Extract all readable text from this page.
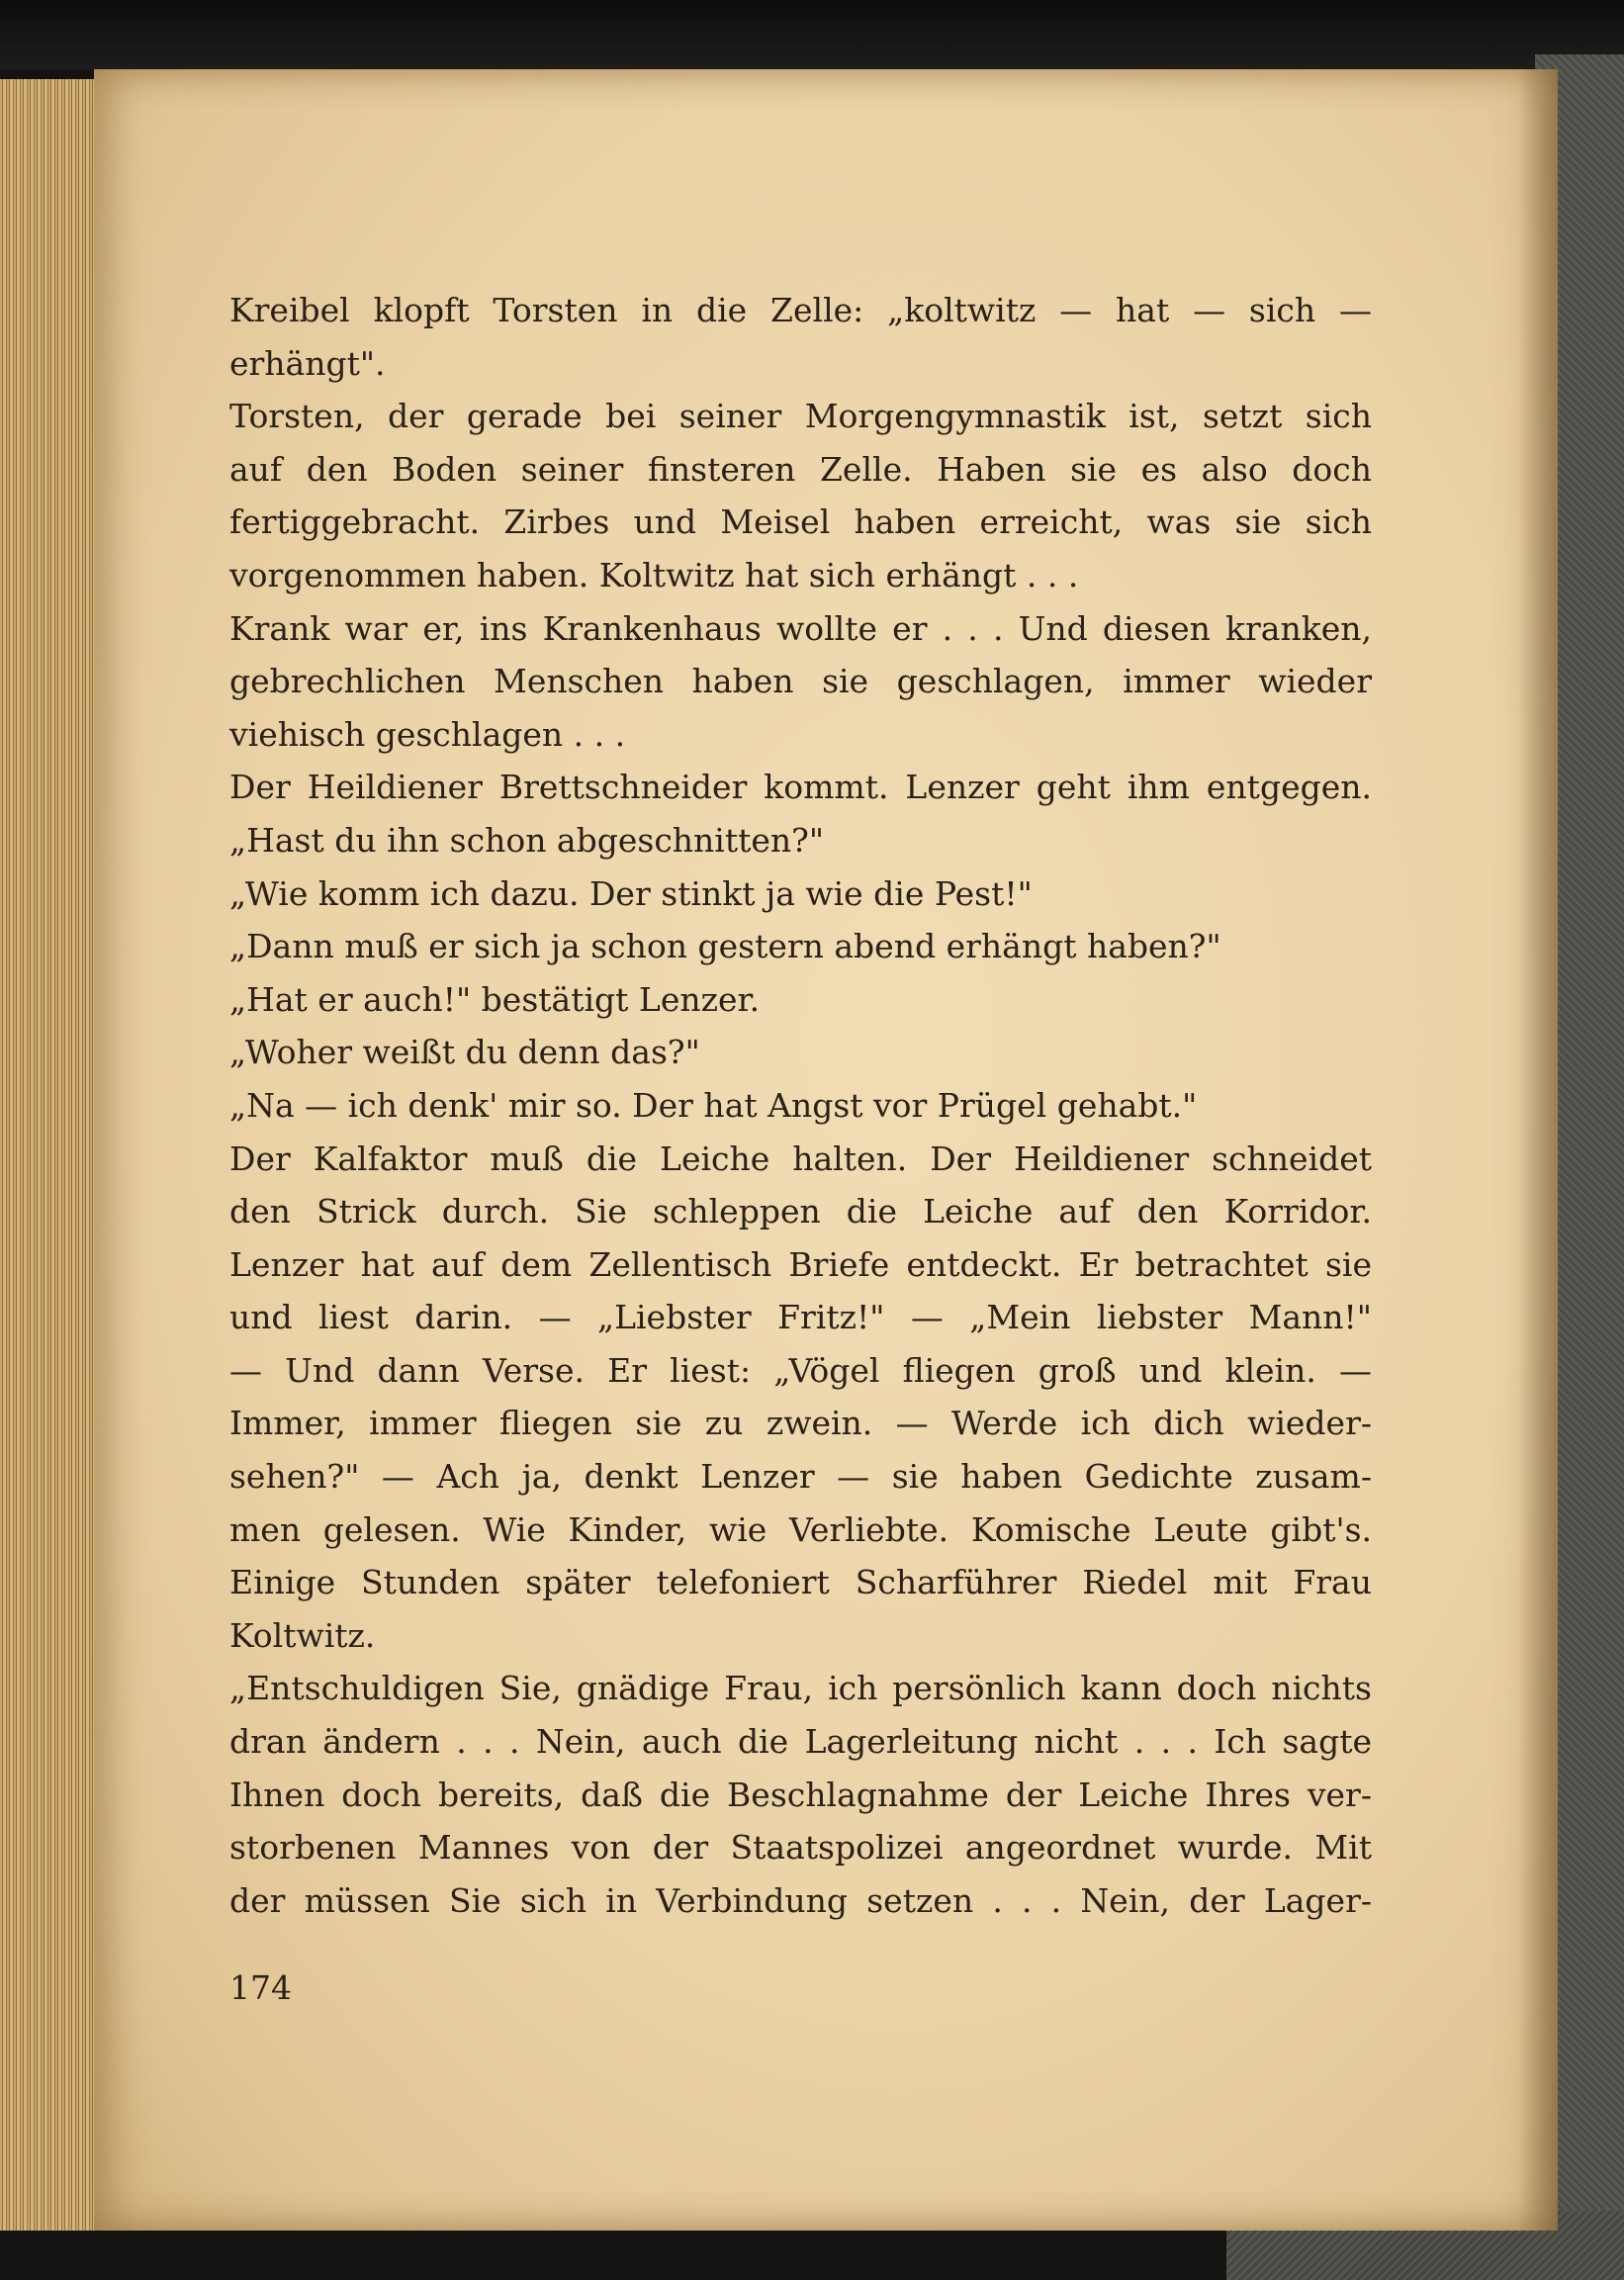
Kreibel klopft Torsten in die Zelle: „koltwitz — hat — sich —
erhängt".
Torsten, der gerade bei seiner Morgengymnastik ist, setzt sich
auf den Boden seiner finsteren Zelle. Haben sie es also doch
fertiggebracht. Zirbes und Meisel haben erreicht, was sie sich
vorgenommen haben. Koltwitz hat sich erhängt . . .
Krank war er, ins Krankenhaus wollte er . . . Und diesen kranken,
gebrechlichen Menschen haben sie geschlagen, immer wieder
viehisch geschlagen . . .
Der Heildiener Brettschneider kommt. Lenzer geht ihm entgegen.
„Hast du ihn schon abgeschnitten?"
„Wie komm ich dazu. Der stinkt ja wie die Pest!"
„Dann muß er sich ja schon gestern abend erhängt haben?"
„Hat er auch!" bestätigt Lenzer.
„Woher weißt du denn das?"
„Na — ich denk' mir so. Der hat Angst vor Prügel gehabt."
Der Kalfaktor muß die Leiche halten. Der Heildiener schneidet
den Strick durch. Sie schleppen die Leiche auf den Korridor.
Lenzer hat auf dem Zellentisch Briefe entdeckt. Er betrachtet sie
und liest darin. — „Liebster Fritz!" — „Mein liebster Mann!"
— Und dann Verse. Er liest: „Vögel fliegen groß und klein. —
Immer, immer fliegen sie zu zwein. — Werde ich dich wieder-
sehen?" — Ach ja, denkt Lenzer — sie haben Gedichte zusam-
men gelesen. Wie Kinder, wie Verliebte. Komische Leute gibt's.
Einige Stunden später telefoniert Scharführer Riedel mit Frau
Koltwitz.
„Entschuldigen Sie, gnädige Frau, ich persönlich kann doch nichts
dran ändern . . . Nein, auch die Lagerleitung nicht . . . Ich sagte
Ihnen doch bereits, daß die Beschlagnahme der Leiche Ihres ver-
storbenen Mannes von der Staatspolizei angeordnet wurde. Mit
der müssen Sie sich in Verbindung setzen . . . Nein, der Lager-
174
